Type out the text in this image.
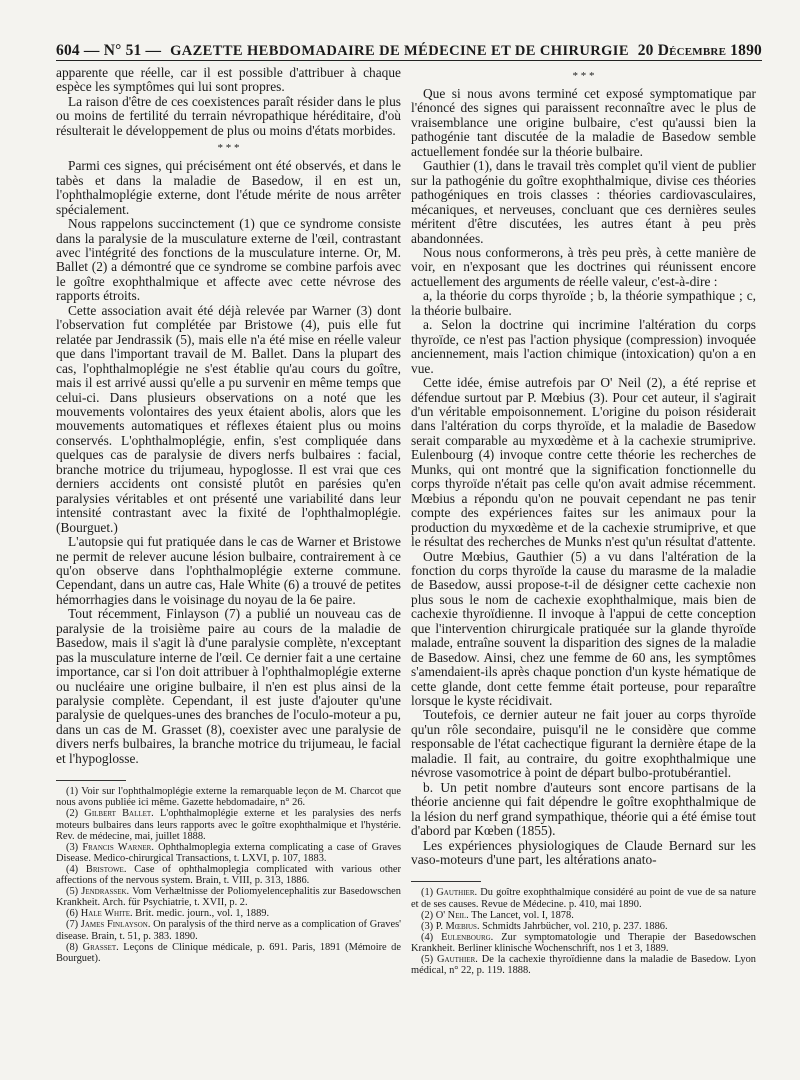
604 — N° 51 — GAZETTE HEBDOMADAIRE DE MÉDECINE ET DE CHIRURGIE 20 Décembre 1890

apparente que réelle, car il est possible d'attribuer à chaque espèce les symptômes qui lui sont propres.

La raison d'être de ces coexistences paraît résider dans le plus ou moins de fertilité du terrain névropathique héréditaire, d'où résulterait le développement de plus ou moins d'états morbides.

* * *

Parmi ces signes, qui précisément ont été observés, et dans le tabès et dans la maladie de Basedow, il en est un, l'ophthalmoplégie externe, dont l'étude mérite de nous arrêter spécialement.

Nous rappelons succinctement (1) que ce syndrome consiste dans la paralysie de la musculature externe de l'œil, contrastant avec l'intégrité des fonctions de la musculature interne. Or, M. Ballet (2) a démontré que ce syndrome se combine parfois avec le goître exophthalmique et affecte avec cette névrose des rapports étroits.

Cette association avait été déjà relevée par Warner (3) dont l'observation fut complétée par Bristowe (4), puis elle fut relatée par Jendrassik (5), mais elle n'a été mise en réelle valeur que dans l'important travail de M. Ballet. Dans la plupart des cas, l'ophthalmoplégie ne s'est établie qu'au cours du goître, mais il est arrivé aussi qu'elle a pu survenir en même temps que celui-ci. Dans plusieurs observations on a noté que les mouvements volontaires des yeux étaient abolis, alors que les mouvements automatiques et réflexes étaient plus ou moins conservés. L'ophthalmoplégie, enfin, s'est compliquée dans quelques cas de paralysie de divers nerfs bulbaires : facial, branche motrice du trijumeau, hypoglosse. Il est vrai que ces derniers accidents ont consisté plutôt en parésies qu'en paralysies véritables et ont présenté une variabilité dans leur intensité contrastant avec la fixité de l'ophthalmoplégie. (Bourguet.)

L'autopsie qui fut pratiquée dans le cas de Warner et Bristowe ne permit de relever aucune lésion bulbaire, contrairement à ce qu'on observe dans l'ophthalmoplégie externe commune. Cependant, dans un autre cas, Hale White (6) a trouvé de petites hémorrhagies dans le voisinage du noyau de la 6e paire.

Tout récemment, Finlayson (7) a publié un nouveau cas de paralysie de la troisième paire au cours de la maladie de Basedow, mais il s'agit là d'une paralysie complète, n'exceptant pas la musculature interne de l'œil. Ce dernier fait a une certaine importance, car si l'on doit attribuer à l'ophthalmoplégie externe ou nucléaire une origine bulbaire, il n'en est plus ainsi de la paralysie complète. Cependant, il est juste d'ajouter qu'une paralysie de quelques-unes des branches de l'oculo-moteur a pu, dans un cas de M. Grasset (8), coexister avec une paralysie de divers nerfs bulbaires, la branche motrice du trijumeau, le facial et l'hypoglosse.

(1) Voir sur l'ophthalmoplégie externe la remarquable leçon de M. Charcot que nous avons publiée ici même. Gazette hebdomadaire, n° 26.

(2) Gilbert Ballet. L'ophthalmoplégie externe et les paralysies des nerfs moteurs bulbaires dans leurs rapports avec le goître exophthalmique et l'hystérie. Rev. de médecine, mai, juillet 1888.

(3) Francis Warner. Ophthalmoplegia externa complicating a case of Graves Disease. Medico-chirurgical Transactions, t. LXVI, p. 107, 1883.

(4) Bristowe. Case of ophthalmoplegia complicated with various other affections of the nervous system. Brain, t. VIII, p. 313, 1886.

(5) Jendrassek. Vom Verhæltnisse der Poliomyelencephalitis zur Basedowschen Krankheit. Arch. für Psychiatrie, t. XVII, p. 2.

(6) Hale White. Brit. medic. journ., vol. 1, 1889.

(7) James Finlayson. On paralysis of the third nerve as a complication of Graves' disease. Brain, t. 51, p. 383. 1890.

(8) Grasset. Leçons de Clinique médicale, p. 691. Paris, 1891 (Mémoire de Bourguet).

* * *

Que si nous avons terminé cet exposé symptomatique par l'énoncé des signes qui paraissent reconnaître avec le plus de vraisemblance une origine bulbaire, c'est qu'aussi bien la pathogénie tant discutée de la maladie de Basedow semble actuellement fondée sur la théorie bulbaire.

Gauthier (1), dans le travail très complet qu'il vient de publier sur la pathogénie du goître exophthalmique, divise ces théories pathogéniques en trois classes : théories cardiovasculaires, mécaniques, et nerveuses, concluant que ces dernières seules méritent d'être discutées, les autres étant à peu près abandonnées.

Nous nous conformerons, à très peu près, à cette manière de voir, en n'exposant que les doctrines qui réunissent encore actuellement des arguments de réelle valeur, c'est-à-dire :

a, la théorie du corps thyroïde ; b, la théorie sympathique ; c, la théorie bulbaire.

a. Selon la doctrine qui incrimine l'altération du corps thyroïde, ce n'est pas l'action physique (compression) invoquée anciennement, mais l'action chimique (intoxication) qu'on a en vue.

Cette idée, émise autrefois par O' Neil (2), a été reprise et défendue surtout par P. Mœbius (3). Pour cet auteur, il s'agirait d'un véritable empoisonnement. L'origine du poison résiderait dans l'altération du corps thyroïde, et la maladie de Basedow serait comparable au myxœdème et à la cachexie strumiprive. Eulenbourg (4) invoque contre cette théorie les recherches de Munks, qui ont montré que la signification fonctionnelle du corps thyroïde n'était pas celle qu'on avait admise récemment. Mœbius a répondu qu'on ne pouvait cependant ne pas tenir compte des expériences faites sur les animaux pour la production du myxœdème et de la cachexie strumiprive, et que le résultat des recherches de Munks n'est qu'un résultat d'attente.

Outre Mœbius, Gauthier (5) a vu dans l'altération de la fonction du corps thyroïde la cause du marasme de la maladie de Basedow, aussi propose-t-il de désigner cette cachexie non plus sous le nom de cachexie exophthalmique, mais bien de cachexie thyroïdienne. Il invoque à l'appui de cette conception que l'intervention chirurgicale pratiquée sur la glande thyroïde malade, entraîne souvent la disparition des signes de la maladie de Basedow. Ainsi, chez une femme de 60 ans, les symptômes s'amendaient-ils après chaque ponction d'un kyste hématique de cette glande, dont cette femme était porteuse, pour reparaître lorsque le kyste récidivait.

Toutefois, ce dernier auteur ne fait jouer au corps thyroïde qu'un rôle secondaire, puisqu'il ne le considère que comme responsable de l'état cachectique figurant la dernière étape de la maladie. Il fait, au contraire, du goitre exophthalmique une névrose vasomotrice à point de départ bulbo-protubérantiel.

b. Un petit nombre d'auteurs sont encore partisans de la théorie ancienne qui fait dépendre le goître exophthalmique de la lésion du nerf grand sympathique, théorie qui a été émise tout d'abord par Kœben (1855).

Les expériences physiologiques de Claude Bernard sur les vaso-moteurs d'une part, les altérations anato-

(1) Gauthier. Du goître exophthalmique considéré au point de vue de sa nature et de ses causes. Revue de Médecine. p. 410, mai 1890.

(2) O' Neil. The Lancet, vol. I, 1878.

(3) P. Mœbius. Schmidts Jahrbücher, vol. 210, p. 237. 1886.

(4) Eulenbourg. Zur symptomatologie und Therapie der Basedowschen Krankheit. Berliner klinische Wochenschrift, nos 1 et 3, 1889.

(5) Gauthier. De la cachexie thyroïdienne dans la maladie de Basedow. Lyon médical, n° 22, p. 119. 1888.
